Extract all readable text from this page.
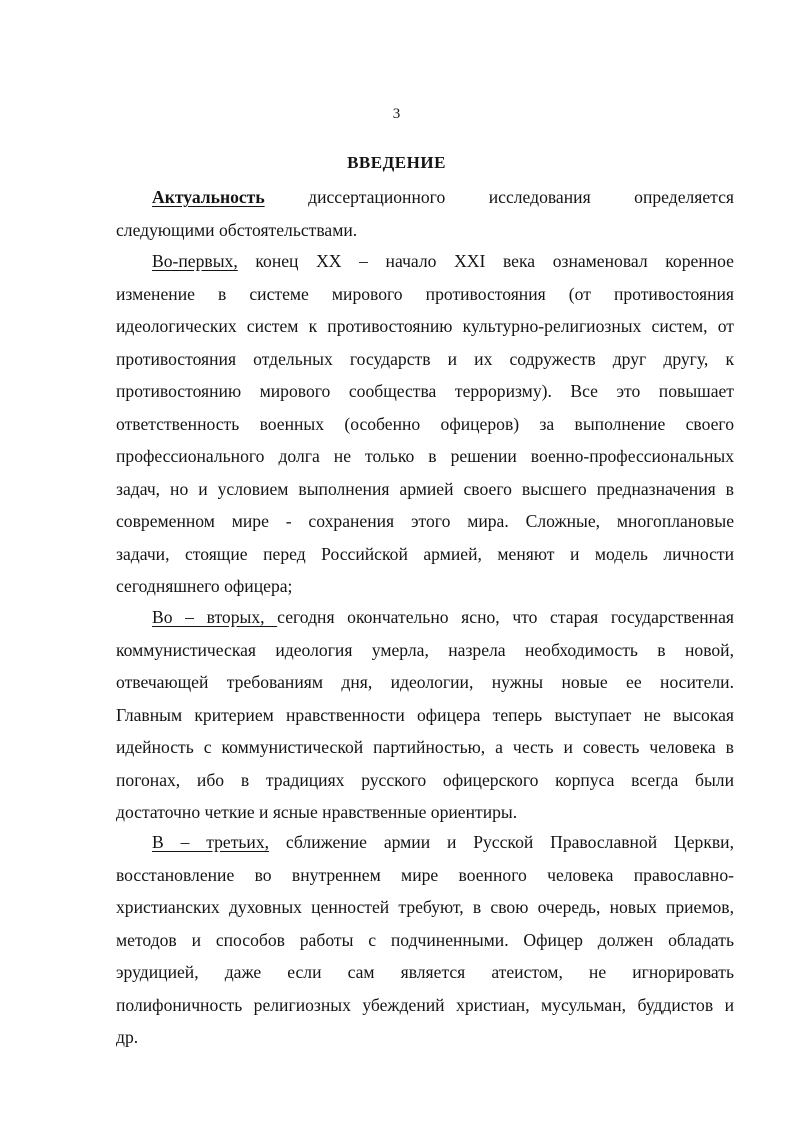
3
ВВЕДЕНИЕ
Актуальность диссертационного исследования определяется
следующими обстоятельствами.
Во-первых, конец XX – начало XXI века ознаменовал коренное
изменение в системе мирового противостояния (от противостояния
идеологических систем к противостоянию культурно-религиозных систем, от
противостояния отдельных государств и их содружеств друг другу, к
противостоянию мирового сообщества терроризму). Все это повышает
ответственность военных (особенно офицеров) за выполнение своего
профессионального долга не только в решении военно-профессиональных
задач, но и условием выполнения армией своего высшего предназначения в
современном мире - сохранения этого мира. Сложные, многоплановые
задачи, стоящие перед Российской армией, меняют и модель личности
сегодняшнего офицера;
Во – вторых, сегодня окончательно ясно, что старая государственная
коммунистическая идеология умерла, назрела необходимость в новой,
отвечающей требованиям дня, идеологии, нужны новые ее носители.
Главным критерием нравственности офицера теперь выступает не высокая
идейность с коммунистической партийностью, а честь и совесть человека в
погонах, ибо в традициях русского офицерского корпуса всегда были
достаточно четкие и ясные нравственные ориентиры.
В – третьих, сближение армии и Русской Православной Церкви,
восстановление во внутреннем мире военного человека православно-
христианских духовных ценностей требуют, в свою очередь, новых приемов,
методов и способов работы с подчиненными. Офицер должен обладать
эрудицией, даже если сам является атеистом, не игнорировать
полифоничность религиозных убеждений христиан, мусульман, буддистов и
др.
